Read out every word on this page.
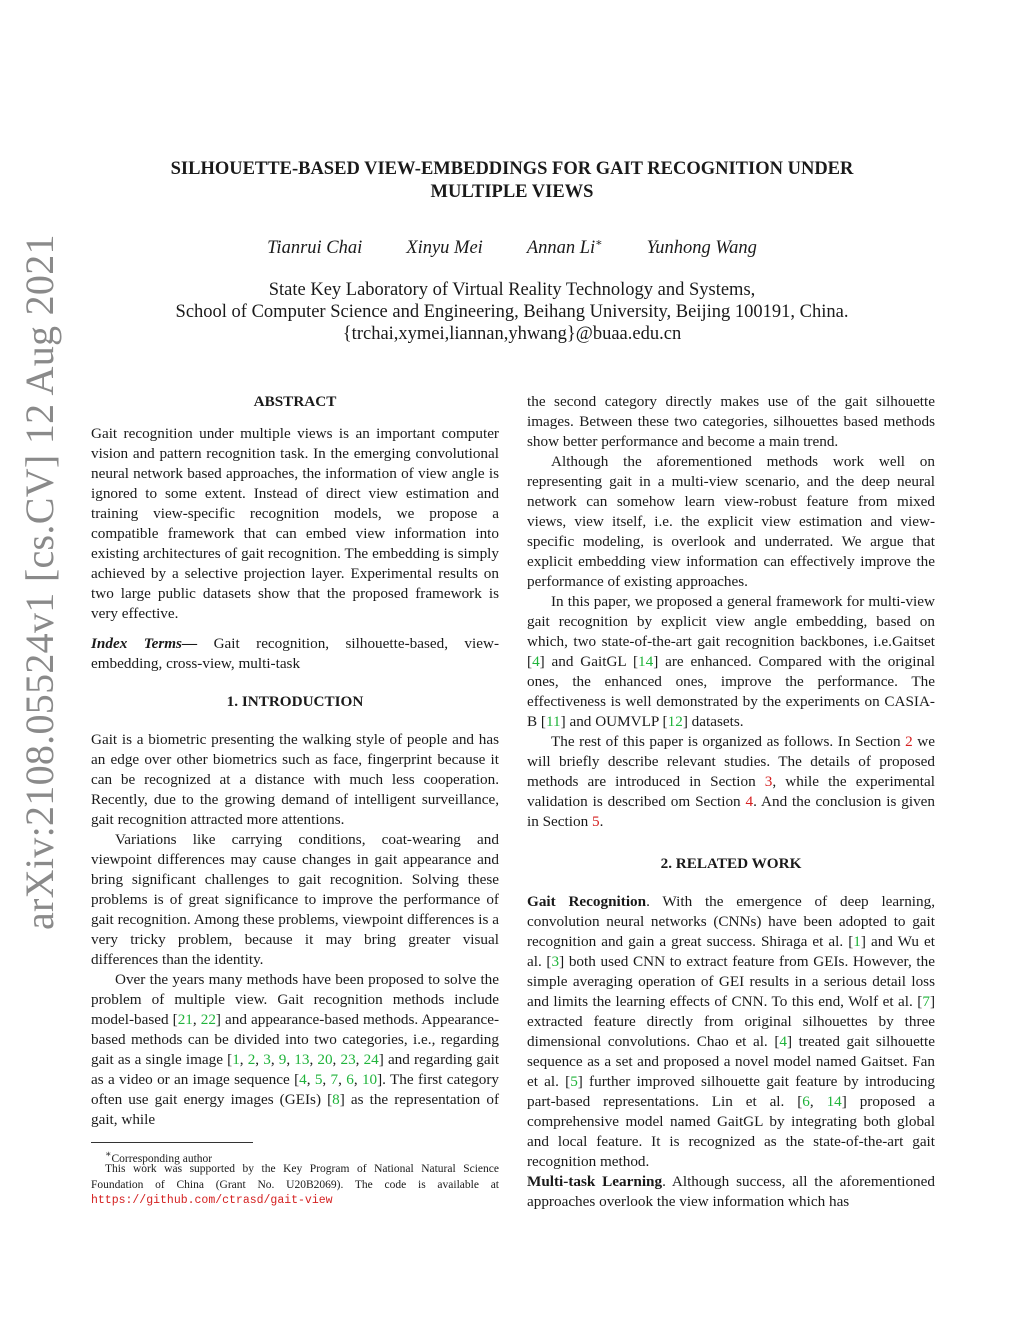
arXiv:2108.05524v1 [cs.CV] 12 Aug 2021
SILHOUETTE-BASED VIEW-EMBEDDINGS FOR GAIT RECOGNITION UNDER
MULTIPLE VIEWS
Tianrui Chai Xinyu Mei Annan Li∗ Yunhong Wang
State Key Laboratory of Virtual Reality Technology and Systems,
School of Computer Science and Engineering, Beihang University, Beijing 100191, China.
{trchai,xymei,liannan,yhwang}@buaa.edu.cn

ABSTRACT

Gait recognition under multiple views is an important computer vision and pattern recognition task. In the emerging convolutional neural network based approaches, the information of view angle is ignored to some extent. Instead of direct view estimation and training view-specific recognition models, we propose a compatible framework that can embed view information into existing architectures of gait recognition. The embedding is simply achieved by a selective projection layer. Experimental results on two large public datasets show that the proposed framework is very effective.

Index Terms— Gait recognition, silhouette-based, view-embedding, cross-view, multi-task

1. INTRODUCTION

Gait is a biometric presenting the walking style of people and has an edge over other biometrics such as face, fingerprint because it can be recognized at a distance with much less cooperation. Recently, due to the growing demand of intelligent surveillance, gait recognition attracted more attentions.

Variations like carrying conditions, coat-wearing and viewpoint differences may cause changes in gait appearance and bring significant challenges to gait recognition. Solving these problems is of great significance to improve the performance of gait recognition. Among these problems, viewpoint differences is a very tricky problem, because it may bring greater visual differences than the identity.

Over the years many methods have been proposed to solve the problem of multiple view. Gait recognition methods include model-based [21, 22] and appearance-based methods. Appearance-based methods can be divided into two categories, i.e., regarding gait as a single image [1, 2, 3, 9, 13, 20, 23, 24] and regarding gait as a video or an image sequence [4, 5, 7, 6, 10]. The first category often use gait energy images (GEIs) [8] as the representation of gait, while

∗Corresponding author
This work was supported by the Key Program of National Natural Science Foundation of China (Grant No. U20B2069). The code is available at https://github.com/ctrasd/gait-view

the second category directly makes use of the gait silhouette images. Between these two categories, silhouettes based methods show better performance and become a main trend.

Although the aforementioned methods work well on representing gait in a multi-view scenario, and the deep neural network can somehow learn view-robust feature from mixed views, view itself, i.e. the explicit view estimation and view-specific modeling, is overlook and underrated. We argue that explicit embedding view information can effectively improve the performance of existing approaches.

In this paper, we proposed a general framework for multi-view gait recognition by explicit view angle embedding, based on which, two state-of-the-art gait recognition backbones, i.e.Gaitset [4] and GaitGL [14] are enhanced. Compared with the original ones, the enhanced ones, improve the performance. The effectiveness is well demonstrated by the experiments on CASIA-B [11] and OUMVLP [12] datasets.

The rest of this paper is organized as follows. In Section 2 we will briefly describe relevant studies. The details of proposed methods are introduced in Section 3, while the experimental validation is described om Section 4. And the conclusion is given in Section 5.

2. RELATED WORK

Gait Recognition. With the emergence of deep learning, convolution neural networks (CNNs) have been adopted to gait recognition and gain a great success. Shiraga et al. [1] and Wu et al. [3] both used CNN to extract feature from GEIs. However, the simple averaging operation of GEI results in a serious detail loss and limits the learning effects of CNN. To this end, Wolf et al. [7] extracted feature directly from original silhouettes by three dimensional convolutions. Chao et al. [4] treated gait silhouette sequence as a set and proposed a novel model named Gaitset. Fan et al. [5] further improved silhouette gait feature by introducing part-based representations. Lin et al. [6, 14] proposed a comprehensive model named GaitGL by integrating both global and local feature. It is recognized as the state-of-the-art gait recognition method.

Multi-task Learning. Although success, all the aforementioned approaches overlook the view information which has
